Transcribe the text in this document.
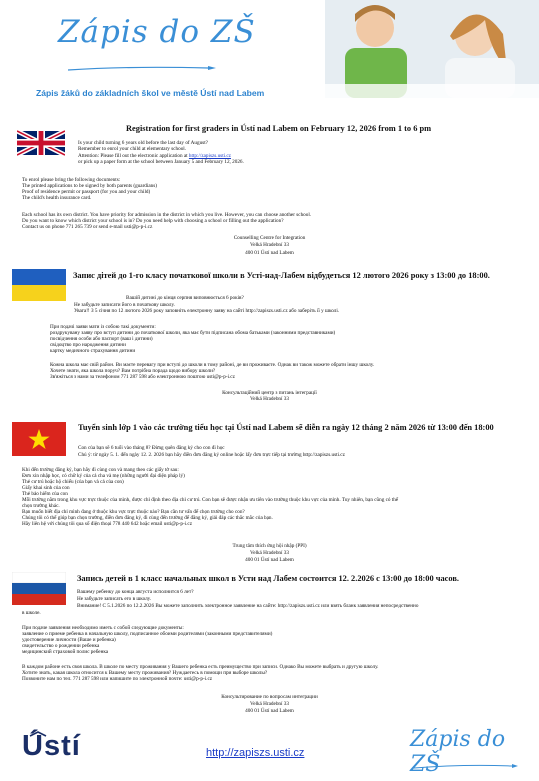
Zápis do ZŠ
Zápis žáků do základních škol ve městě Ústí nad Labem
Registration for first graders in Ústí nad Labem on February 12, 2026 from 1 to 6 pm
Is your child turning 6 years old before the last day of August?
Remember to enrol your child at elementary school.
Attention: Please fill out the electronic application at http://zapiszs.usti.cz
or pick up a paper form at the school between January 5 and February 12, 2026.
To enrol please bring the following documents:
The printed applications to be signed by both parents (guardians)
Proof of residence permit or passport (for you and your child)
The child's health insurance card.
Each school has its own district. You have priority for admission in the district in which you live. However, you can choose another school.
Do you want to know which district your school is in? Do you need help with choosing a school or filling out the application?
Contact us on phone 771 265 739 or send e-mail usti@p-p-i.cz
Counselling Centre for Integration
Velká Hradební 33
400 01 Ústí nad Labem
Запис дітей до 1-го класу початкової школи в Усті-над-Лабем відбудеться 12 лютого 2026 року з 13:00 до 18:00.
Вашій дитині до кінця серпня виповнюється 6 років?
Не забудьте записати його в початкову школу.
Увага!! З 5 січня по 12 лютого 2026 року заповніть електронну заяву на сайті http://zapiszs.usti.cz або заберіть її у школі.
При подачі заяви мати із собою такі документи:
роздрукувану заяву про вступ дитини до початкової школи, яка має бути підписана обома батьками (законними представниками)
посвідчення особи або паспорт (ваш і дитини)
свідоцтво про народження дитини
картку медичного страхування дитини
Кожна школа має свій район. Ви маєте перевагу при вступі до школи в тому районі, де ви проживаєте. Однак ви також можете обрати іншу школу.
Хочете знати, яка школа поруч? Вам потрібна порада щодо вибору школи?
Зв'яжіться з нами за телефоном 771 287 598 або електронною поштою usti@p-p-i.cz
Консультаційний центр з питань інтеграції
Velká Hradební 33
Tuyển sinh lớp 1 vào các trường tiểu học tại Ústí nad Labem sẽ diễn ra ngày 12 tháng 2 năm 2026 từ 13:00 đến 18:00
Con của bạn sẽ 6 tuổi vào tháng 8? Đừng quên đăng ký cho con đi học
Chú ý: từ ngày 5. 1. đến ngày 12. 2. 2026 bạn hãy điền đơn đăng ký online hoặc lấy đơn trực tiếp tại trường http://zapiszs.usti.cz
Khi đến trường đăng ký, bạn hãy đi cùng con và mang theo các giấy tờ sau:
Đơn xin nhập học, có chữ ký của cả cha và mẹ (những người đại diện pháp lý)
Thẻ cư trú hoặc hộ chiếu (của bạn và cả của con)
Giấy khai sinh của con
Thẻ bảo hiểm của con
Mỗi trường nằm trong khu vực trực thuộc của mình, được chỉ định theo địa chỉ cư trú. Con bạn sẽ được nhận ưu tiên vào trường thuộc khu vực của mình. Tuy nhiên, bạn cũng có thể
chọn trường khác.
Bạn muốn biết địa chỉ mình đang ở thuộc khu vực trực thuộc nào? Bạn cần tư vấn để chọn trường cho con?
Chúng tôi có thể giúp bạn chọn trường, điền đơn đăng ký, đi cùng đến trường để đăng ký, giải đáp các thắc mắc của bạn.
Hãy liên hệ với chúng tôi qua số điện thoại 778 440 642 hoặc email usti@p-p-i.cz
Trung tâm thích ứng hội nhập (PPI)
Velká Hradební 33
400 01 Ústí nad Labem
Запись детей в 1 класс начальных школ в Усти над Лабем состоится 12. 2.2026 с 13:00 до 18:00 часов.
Вашему ребенку до конца августа исполнится 6 лет?
Не забудьте записать его в школу.
Внимание! С 5.1.2026 по 12.2.2026 Вы можете заполнить электронное заявление на сайте: http://zapiszs.usti.cz или взять бланк заявления непосредственно
в школе.
При подаче заявления необходимо иметь с собой следующие документы:
заявление о приеме ребенка в начальную школу, подписанное обоими родителями (законными представителями)
удостоверение личности (Ваше и ребенка)
свидетельство о рождении ребенка
медицинский страховой полис ребенка
В каждом районе есть своя школа. В школе по месту проживания у Вашего ребенка есть преимущество при записи. Однако Вы можете выбрать и другую школу.
Хотите знать, какая школа относится к Вашему месту проживания? Нуждаетесь в помощи при выборе школы?
Позвоните нам по тел. 771 287 598 или напишите по электронной почте: usti@p-p-i.cz
Консультирование по вопросам интеграции
Velká Hradební 33
400 01 Ústí nad Labem
Ústí	http://zapiszs.usti.cz
Zápis do ZŠ
